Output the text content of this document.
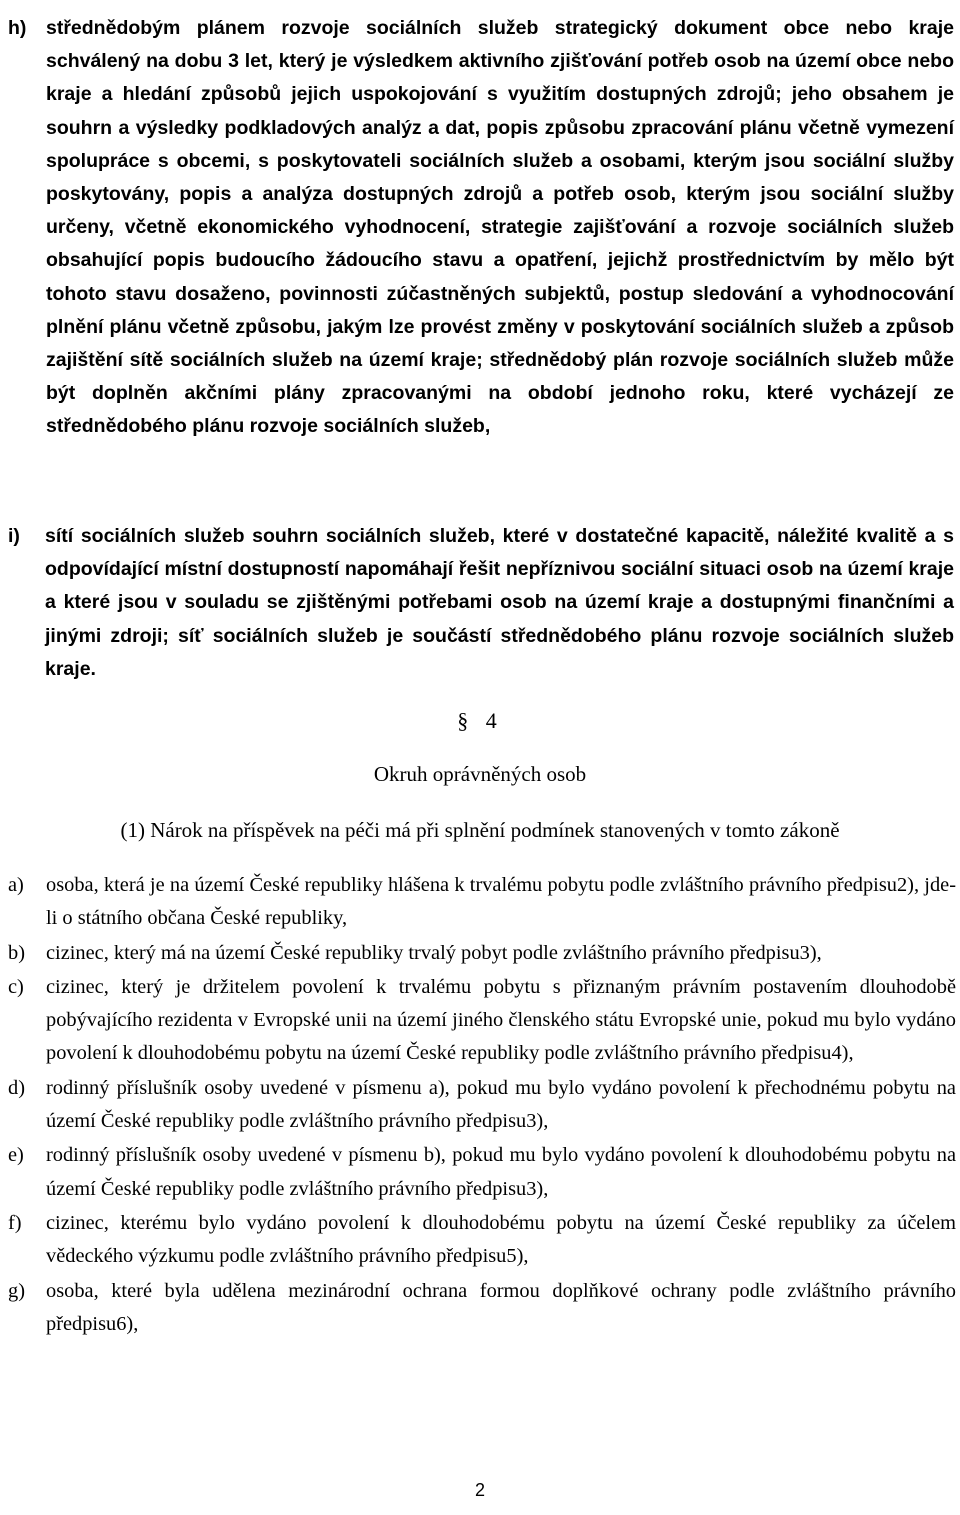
h)	střednědobým plánem rozvoje sociálních služeb strategický dokument obce nebo kraje schválený na dobu 3 let, který je výsledkem aktivního zjišťování potřeb osob na území obce nebo kraje a hledání způsobů jejich uspokojování s využitím dostupných zdrojů; jeho obsahem je souhrn a výsledky podkladových analýz a dat, popis způsobu zpracování plánu včetně vymezení spolupráce s obcemi, s poskytovateli sociálních služeb a osobami, kterým jsou sociální služby poskytovány, popis a analýza dostupných zdrojů a potřeb osob, kterým jsou sociální služby určeny, včetně ekonomického vyhodnocení, strategie zajišťování a rozvoje sociálních služeb obsahující popis budoucího žádoucího stavu a opatření, jejichž prostřednictvím by mělo být tohoto stavu dosaženo, povinnosti zúčastněných subjektů, postup sledování a vyhodnocování plnění plánu včetně způsobu, jakým lze provést změny v poskytování sociálních služeb a způsob zajištění sítě sociálních služeb na území kraje; střednědobý plán rozvoje sociálních služeb může být doplněn akčními plány zpracovanými na období jednoho roku, které vycházejí ze střednědobého plánu rozvoje sociálních služeb,
i)	sítí sociálních služeb souhrn sociálních služeb, které v dostatečné kapacitě, náležité kvalitě a s odpovídající místní dostupností napomáhají řešit nepříznivou sociální situaci osob na území kraje a které jsou v souladu se zjištěnými potřebami osob na území kraje a dostupnými finančními a jinými zdroji; síť sociálních služeb je součástí střednědobého plánu rozvoje sociálních služeb kraje.
§ 4
Okruh oprávněných osob
(1) Nárok na příspěvek na péči má při splnění podmínek stanovených v tomto zákoně
a)	osoba, která je na území České republiky hlášena k trvalému pobytu podle zvláštního právního předpisu2), jde-li o státního občana České republiky,
b)	cizinec, který má na území České republiky trvalý pobyt podle zvláštního právního předpisu3),
c)	cizinec, který je držitelem povolení k trvalému pobytu s přiznaným právním postavením dlouhodobě pobývajícího rezidenta v Evropské unii na území jiného členského státu Evropské unie, pokud mu bylo vydáno povolení k dlouhodobému pobytu na území České republiky podle zvláštního právního předpisu4),
d)	rodinný příslušník osoby uvedené v písmenu a), pokud mu bylo vydáno povolení k přechodnému pobytu na území České republiky podle zvláštního právního předpisu3),
e)	rodinný příslušník osoby uvedené v písmenu b), pokud mu bylo vydáno povolení k dlouhodobému pobytu na území České republiky podle zvláštního právního předpisu3),
f)	cizinec, kterému bylo vydáno povolení k dlouhodobému pobytu na území České republiky za účelem vědeckého výzkumu podle zvláštního právního předpisu5),
g)	osoba, které byla udělena mezinárodní ochrana formou doplňkové ochrany podle zvláštního právního předpisu6),
2
